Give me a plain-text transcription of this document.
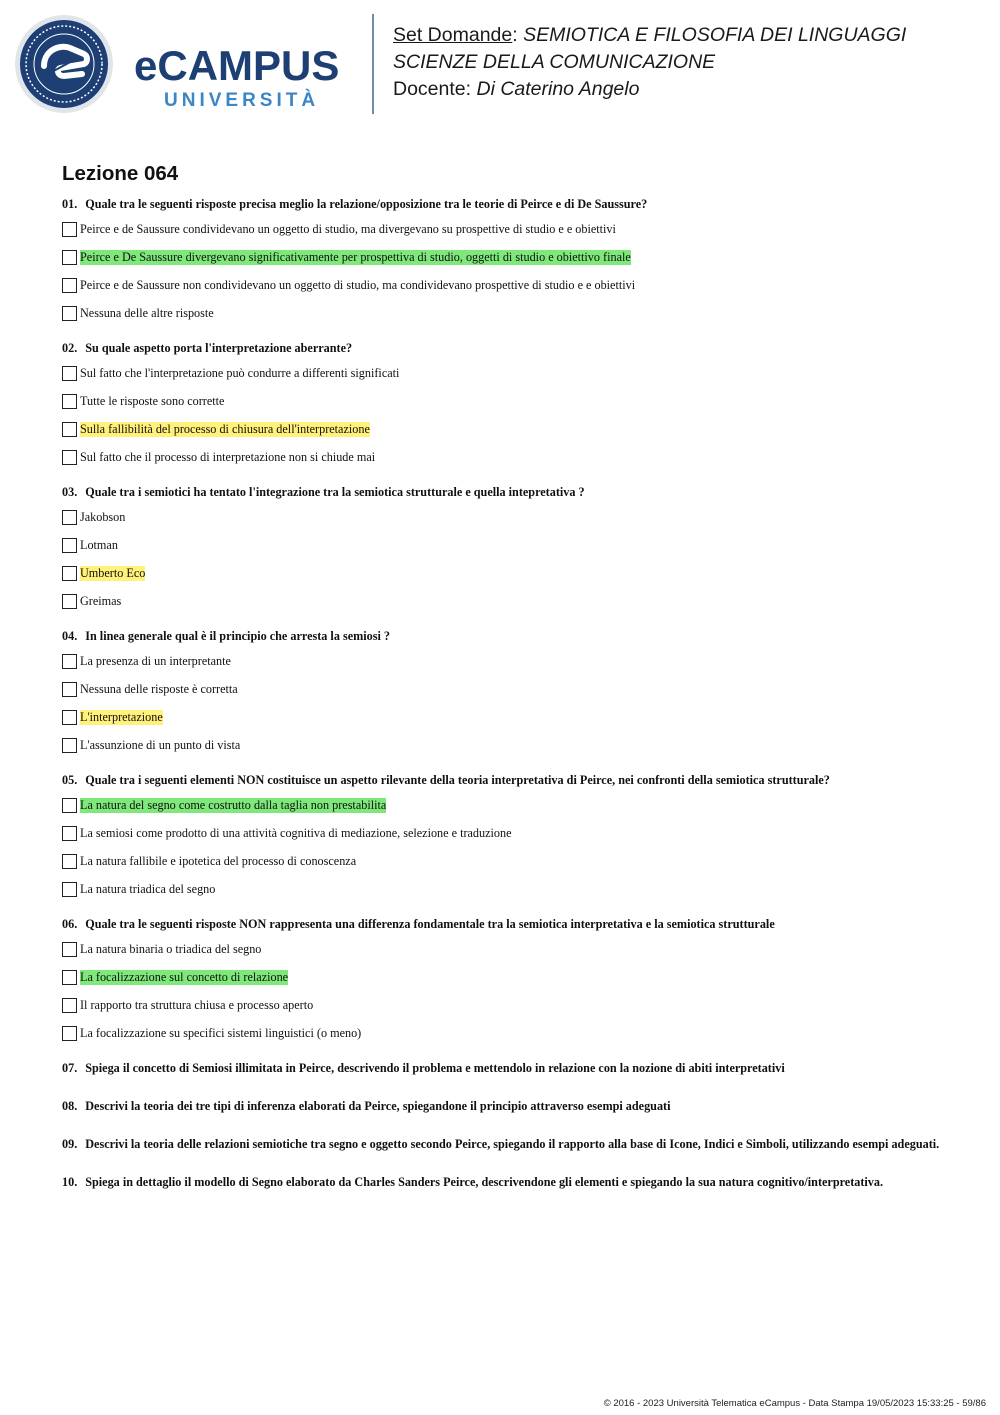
eCAMPUS
UNIVERSITÀ
Set Domande: SEMIOTICA E FILOSOFIA DEI LINGUAGGI
SCIENZE DELLA COMUNICAZIONE
Docente: Di Caterino Angelo
Lezione 064
01. Quale tra le seguenti risposte precisa meglio la relazione/opposizione tra le teorie di Peirce e di De Saussure?
Peirce e de Saussure condividevano un oggetto di studio, ma divergevano su prospettive di studio e e obiettivi
Peirce e De Saussure divergevano significativamente per prospettiva di studio, oggetti di studio e obiettivo finale
Peirce e de Saussure non condividevano un oggetto di studio, ma condividevano prospettive di studio e e obiettivi
Nessuna delle altre risposte
02. Su quale aspetto porta l'interpretazione aberrante?
Sul fatto che l'interpretazione può condurre a differenti significati
Tutte le risposte sono corrette
Sulla fallibilità del processo di chiusura dell'interpretazione
Sul fatto che il processo di interpretazione non si chiude mai
03. Quale tra i semiotici ha tentato l'integrazione tra la semiotica strutturale e quella intepretativa ?
Jakobson
Lotman
Umberto Eco
Greimas
04. In linea generale qual è il principio che arresta la semiosi ?
La presenza di un interpretante
Nessuna delle risposte è corretta
L'interpretazione
L'assunzione di un punto di vista
05. Quale tra i seguenti elementi NON costituisce un aspetto rilevante della teoria interpretativa di Peirce, nei confronti della semiotica strutturale?
La natura del segno come costrutto dalla taglia non prestabilita
La semiosi come prodotto di una attività cognitiva di mediazione, selezione e traduzione
La natura fallibile e ipotetica del processo di conoscenza
La natura triadica del segno
06. Quale tra le seguenti risposte NON rappresenta una differenza fondamentale tra la semiotica interpretativa e la semiotica strutturale
La natura binaria o triadica del segno
La focalizzazione sul concetto di relazione
Il rapporto tra struttura chiusa e processo aperto
La focalizzazione su specifici sistemi linguistici (o meno)
07. Spiega il concetto di Semiosi illimitata in Peirce, descrivendo il problema e mettendolo in relazione con la nozione di abiti interpretativi
08. Descrivi la teoria dei tre tipi di inferenza elaborati da Peirce, spiegandone il principio attraverso esempi adeguati
09. Descrivi la teoria delle relazioni semiotiche tra segno e oggetto secondo Peirce, spiegando il rapporto alla base di Icone, Indici e Simboli, utilizzando esempi adeguati.
10. Spiega in dettaglio il modello di Segno elaborato da Charles Sanders Peirce, descrivendone gli elementi e spiegando la sua natura cognitivo/interpretativa.
© 2016 - 2023 Università Telematica eCampus - Data Stampa 19/05/2023 15:33:25 - 59/86
